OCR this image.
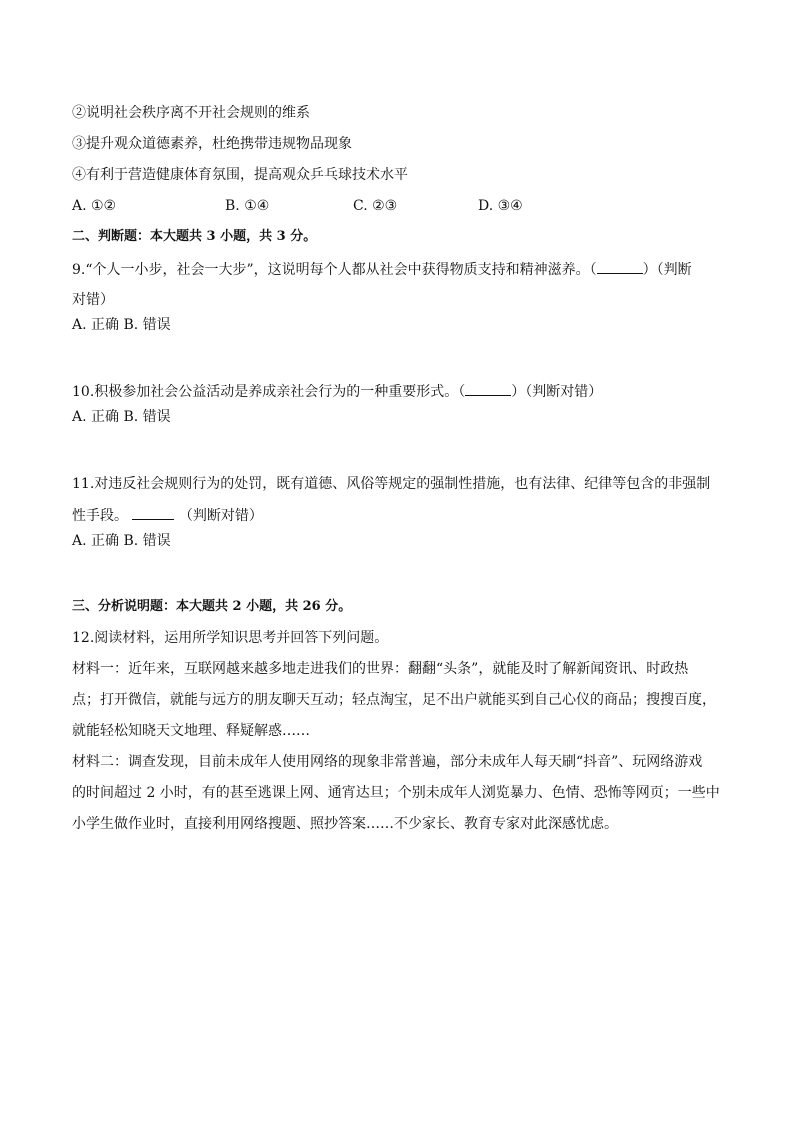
②说明社会秩序离不开社会规则的维系
③提升观众道德素养，杜绝携带违规物品现象
④有利于营造健康体育氛围，提高观众乒乓球技术水平
A. ①②	B. ①④	C. ②③	D. ③④
二、判断题：本大题共 3 小题，共 3 分。
9.“个人一小步，社会一大步”，这说明每个人都从社会中获得物质支持和精神滋养。（	）（判断
对错）
A. 正确 B. 错误
10.积极参加社会公益活动是养成亲社会行为的一种重要形式。（	）（判断对错）
A. 正确 B. 错误
11.对违反社会规则行为的处罚，既有道德、风俗等规定的强制性措施，也有法律、纪律等包含的非强制
性手段。	（判断对错）
A. 正确 B. 错误
三、分析说明题：本大题共 2 小题，共 26 分。
12.阅读材料，运用所学知识思考并回答下列问题。
材料一：近年来，互联网越来越多地走进我们的世界：翻翻“头条”，就能及时了解新闻资讯、时政热
点；打开微信，就能与远方的朋友聊天互动；轻点淘宝，足不出户就能买到自己心仪的商品；搜搜百度，
就能轻松知晓天文地理、释疑解惑……
材料二：调查发现，目前未成年人使用网络的现象非常普遍，部分未成年人每天刷“抖音”、玩网络游戏
的时间超过 2 小时，有的甚至逃课上网、通宵达旦；个别未成年人浏览暴力、色情、恐怖等网页；一些中
小学生做作业时，直接利用网络搜题、照抄答案……不少家长、教育专家对此深感忧虑。
